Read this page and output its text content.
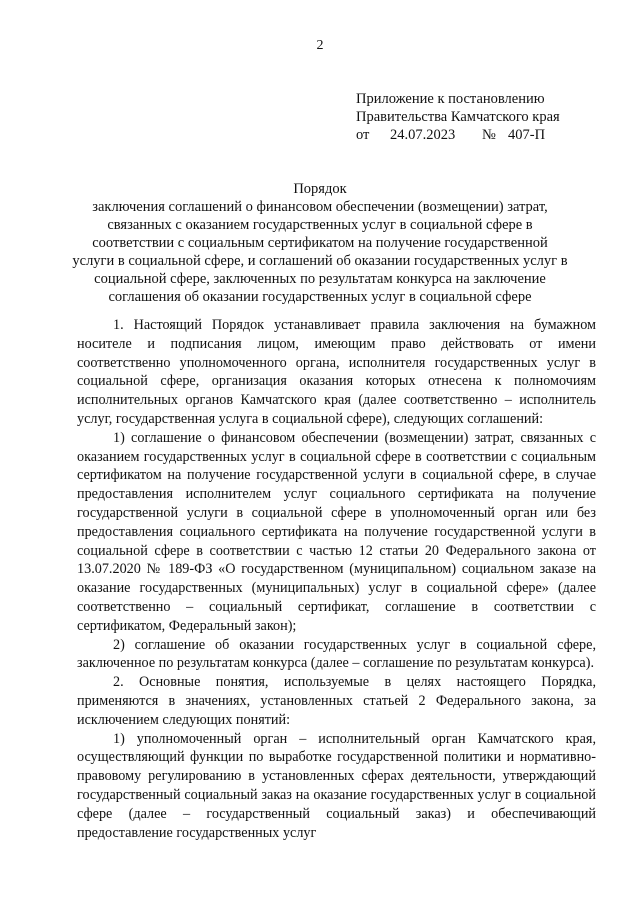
2
Приложение к постановлению
Правительства Камчатского края
от 24.07.2023 № 407-П
Порядок
заключения соглашений о финансовом обеспечении (возмещении) затрат, связанных с оказанием государственных услуг в социальной сфере в соответствии с социальным сертификатом на получение государственной услуги в социальной сфере, и соглашений об оказании государственных услуг в социальной сфере, заключенных по результатам конкурса на заключение соглашения об оказании государственных услуг в социальной сфере

1. Настоящий Порядок устанавливает правила заключения на бумажном носителе и подписания лицом, имеющим право действовать от имени соответственно уполномоченного органа, исполнителя государственных услуг в социальной сфере, организация оказания которых отнесена к полномочиям исполнительных органов Камчатского края (далее соответственно – исполнитель услуг, государственная услуга в социальной сфере), следующих соглашений:

1) соглашение о финансовом обеспечении (возмещении) затрат, связанных с оказанием государственных услуг в социальной сфере в соответствии с социальным сертификатом на получение государственной услуги в социальной сфере, в случае предоставления исполнителем услуг социального сертификата на получение государственной услуги в социальной сфере в уполномоченный орган или без предоставления социального сертификата на получение государственной услуги в социальной сфере в соответствии с частью 12 статьи 20 Федерального закона от 13.07.2020 № 189-ФЗ «О государственном (муниципальном) социальном заказе на оказание государственных (муниципальных) услуг в социальной сфере» (далее соответственно – социальный сертификат, соглашение в соответствии с сертификатом, Федеральный закон);

2) соглашение об оказании государственных услуг в социальной сфере, заключенное по результатам конкурса (далее – соглашение по результатам конкурса).

2. Основные понятия, используемые в целях настоящего Порядка, применяются в значениях, установленных статьей 2 Федерального закона, за исключением следующих понятий:

1) уполномоченный орган – исполнительный орган Камчатского края, осуществляющий функции по выработке государственной политики и нормативно-правовому регулированию в установленных сферах деятельности, утверждающий государственный социальный заказ на оказание государственных услуг в социальной сфере (далее – государственный социальный заказ) и обеспечивающий предоставление государственных услуг
